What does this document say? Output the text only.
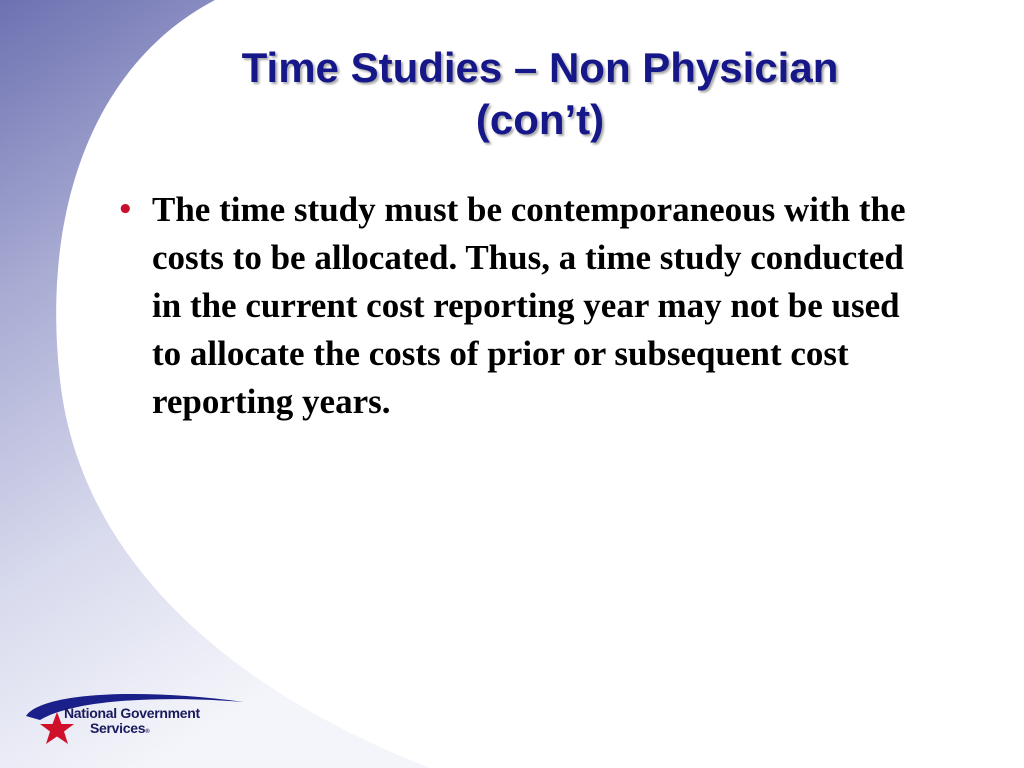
Time Studies – Non Physician
(con’t)
• The time study must be contemporaneous with the costs to be allocated. Thus, a time study conducted in the current cost reporting year may not be used to allocate the costs of prior or subsequent cost reporting years.
National Government
Services®
